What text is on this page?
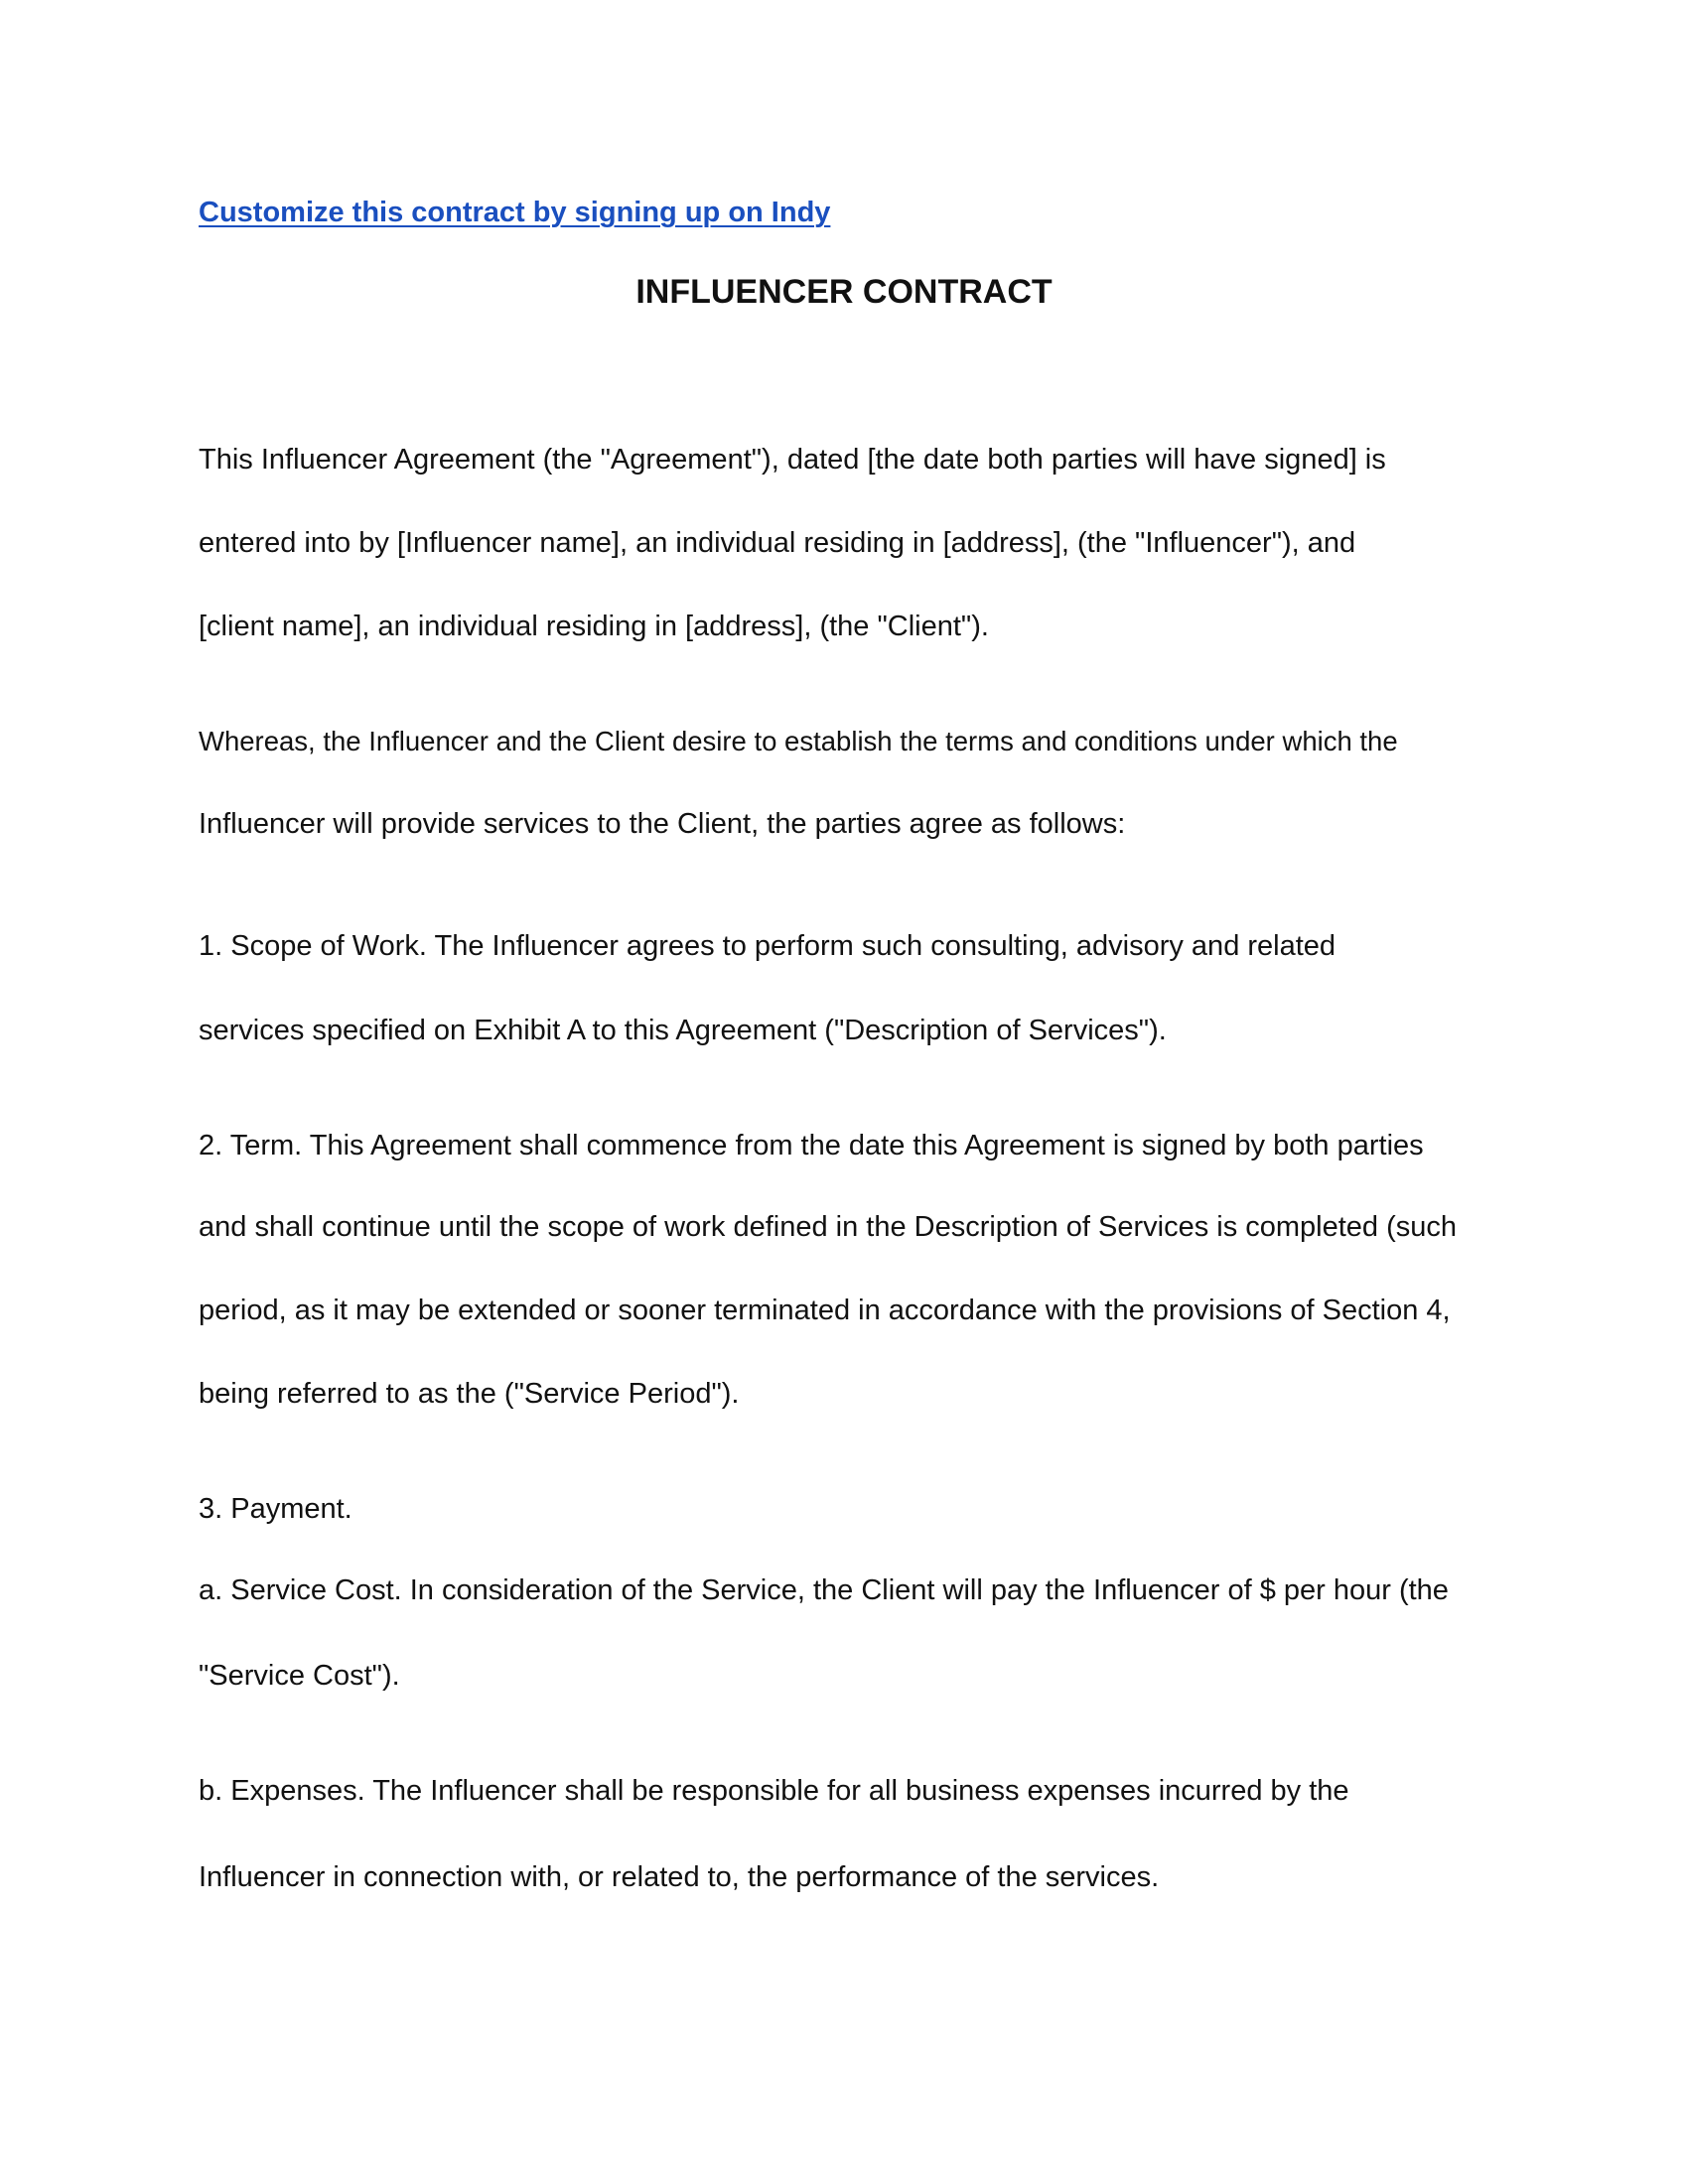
Customize this contract by signing up on Indy
INFLUENCER CONTRACT
This Influencer Agreement (the "Agreement"), dated [the date both parties will have signed] is
entered into by [Influencer name], an individual residing in [address], (the "Influencer"), and
[client name], an individual residing in [address], (the "Client").
Whereas, the Influencer and the Client desire to establish the terms and conditions under which the
Influencer will provide services to the Client, the parties agree as follows:
1. Scope of Work. The Influencer agrees to perform such consulting, advisory and related
services specified on Exhibit A to this Agreement ("Description of Services").
2. Term. This Agreement shall commence from the date this Agreement is signed by both parties
and shall continue until the scope of work defined in the Description of Services is completed (such
period, as it may be extended or sooner terminated in accordance with the provisions of Section 4,
being referred to as the ("Service Period").
3. Payment.
a. Service Cost. In consideration of the Service, the Client will pay the Influencer of $ per hour (the
"Service Cost").
b. Expenses. The Influencer shall be responsible for all business expenses incurred by the
Influencer in connection with, or related to, the performance of the services.
